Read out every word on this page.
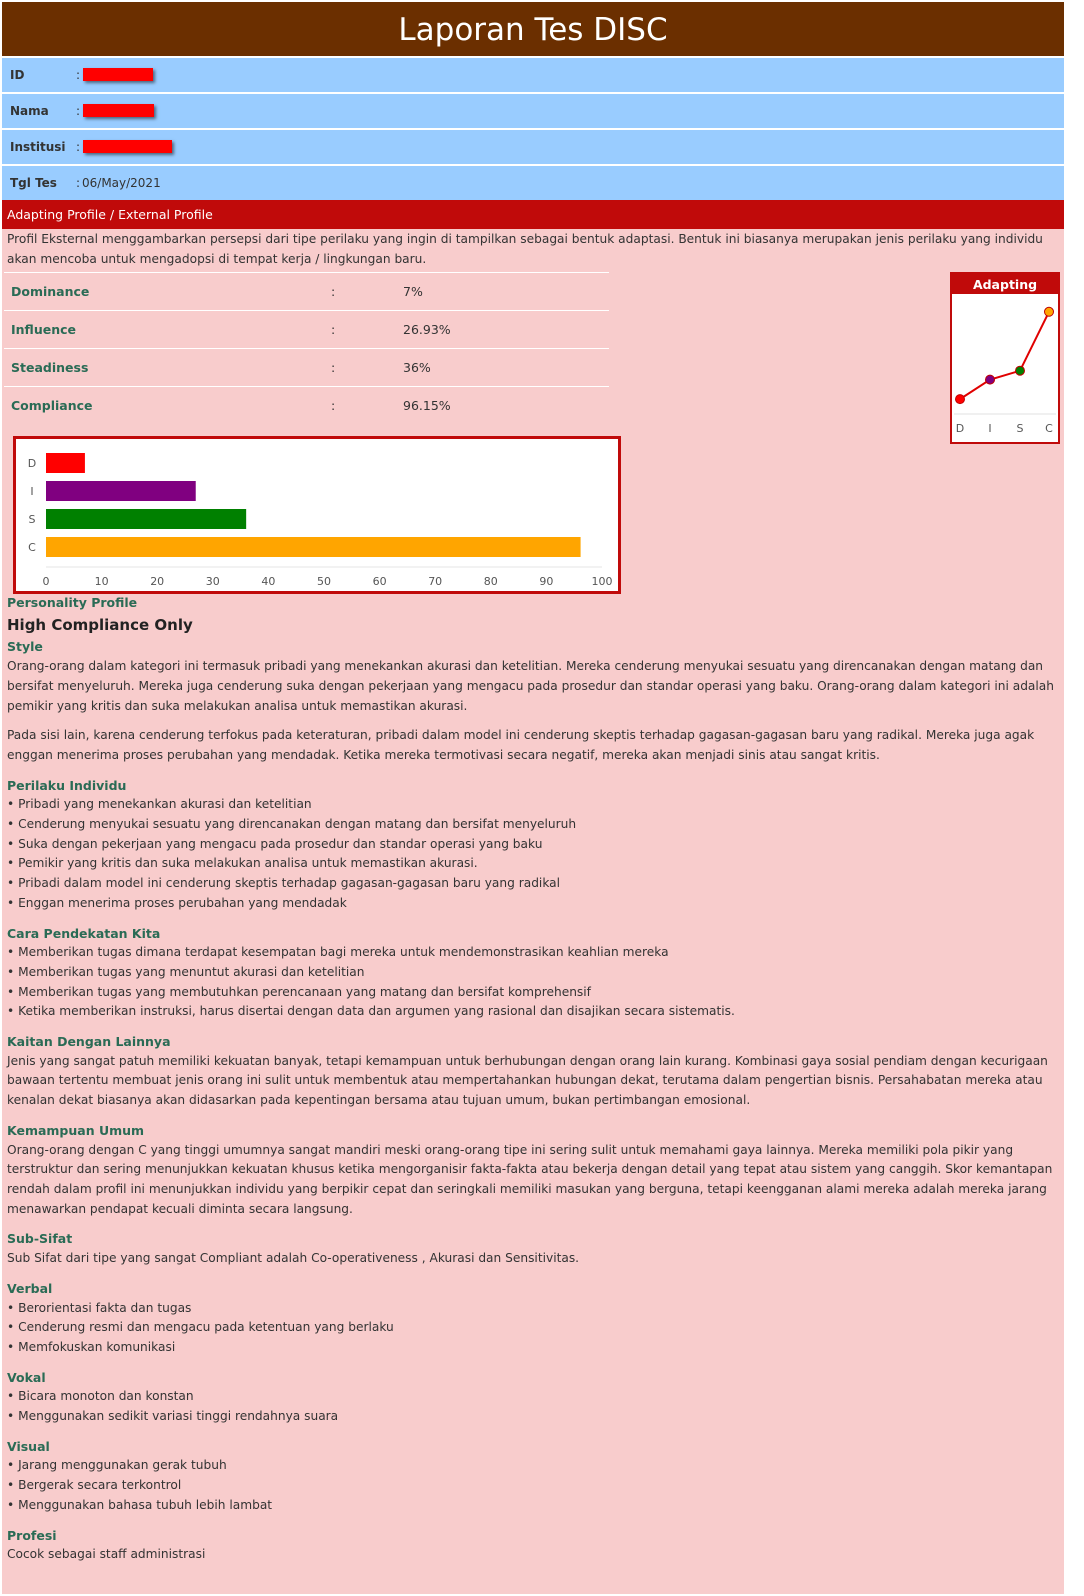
Laporan Tes DISC
ID	:
Nama :
Institusi :
Tgl Tes : 06/May/2021
Adapting Profile / External Profile
Profil Eksternal menggambarkan persepsi dari tipe perilaku yang ingin di tampilkan sebagai bentuk adaptasi. Bentuk ini biasanya merupakan jenis perilaku yang individu akan mencoba untuk mengadopsi di tempat kerja / lingkungan baru.
Dominance	:	7%
Influence	:	26.93%
Steadiness	:	36%
Compliance	:	96.15%
Adapting
D I S C
D
I
S
C
0	10	20	30	40	50	60	70	80	90	100
Personality Profile
High Compliance Only
Style
Orang-orang dalam kategori ini termasuk pribadi yang menekankan akurasi dan ketelitian. Mereka cenderung menyukai sesuatu yang direncanakan dengan matang dan bersifat menyeluruh. Mereka juga cenderung suka dengan pekerjaan yang mengacu pada prosedur dan standar operasi yang baku. Orang-orang dalam kategori ini adalah pemikir yang kritis dan suka melakukan analisa untuk memastikan akurasi.
Pada sisi lain, karena cenderung terfokus pada keteraturan, pribadi dalam model ini cenderung skeptis terhadap gagasan-gagasan baru yang radikal. Mereka juga agak enggan menerima proses perubahan yang mendadak. Ketika mereka termotivasi secara negatif, mereka akan menjadi sinis atau sangat kritis.
Perilaku Individu
• Pribadi yang menekankan akurasi dan ketelitian
• Cenderung menyukai sesuatu yang direncanakan dengan matang dan bersifat menyeluruh
• Suka dengan pekerjaan yang mengacu pada prosedur dan standar operasi yang baku
• Pemikir yang kritis dan suka melakukan analisa untuk memastikan akurasi.
• Pribadi dalam model ini cenderung skeptis terhadap gagasan-gagasan baru yang radikal
• Enggan menerima proses perubahan yang mendadak
Cara Pendekatan Kita
• Memberikan tugas dimana terdapat kesempatan bagi mereka untuk mendemonstrasikan keahlian mereka
• Memberikan tugas yang menuntut akurasi dan ketelitian
• Memberikan tugas yang membutuhkan perencanaan yang matang dan bersifat komprehensif
• Ketika memberikan instruksi, harus disertai dengan data dan argumen yang rasional dan disajikan secara sistematis.
Kaitan Dengan Lainnya
Jenis yang sangat patuh memiliki kekuatan banyak, tetapi kemampuan untuk berhubungan dengan orang lain kurang. Kombinasi gaya sosial pendiam dengan kecurigaan bawaan tertentu membuat jenis orang ini sulit untuk membentuk atau mempertahankan hubungan dekat, terutama dalam pengertian bisnis. Persahabatan mereka atau kenalan dekat biasanya akan didasarkan pada kepentingan bersama atau tujuan umum, bukan pertimbangan emosional.
Kemampuan Umum
Orang-orang dengan C yang tinggi umumnya sangat mandiri meski orang-orang tipe ini sering sulit untuk memahami gaya lainnya. Mereka memiliki pola pikir yang terstruktur dan sering menunjukkan kekuatan khusus ketika mengorganisir fakta-fakta atau bekerja dengan detail yang tepat atau sistem yang canggih. Skor kemantapan rendah dalam profil ini menunjukkan individu yang berpikir cepat dan seringkali memiliki masukan yang berguna, tetapi keengganan alami mereka adalah mereka jarang menawarkan pendapat kecuali diminta secara langsung.
Sub-Sifat
Sub Sifat dari tipe yang sangat Compliant adalah Co-operativeness , Akurasi dan Sensitivitas.
Verbal
• Berorientasi fakta dan tugas
• Cenderung resmi dan mengacu pada ketentuan yang berlaku
• Memfokuskan komunikasi
Vokal
• Bicara monoton dan konstan
• Menggunakan sedikit variasi tinggi rendahnya suara
Visual
• Jarang menggunakan gerak tubuh
• Bergerak secara terkontrol
• Menggunakan bahasa tubuh lebih lambat
Profesi
Cocok sebagai staff administrasi
